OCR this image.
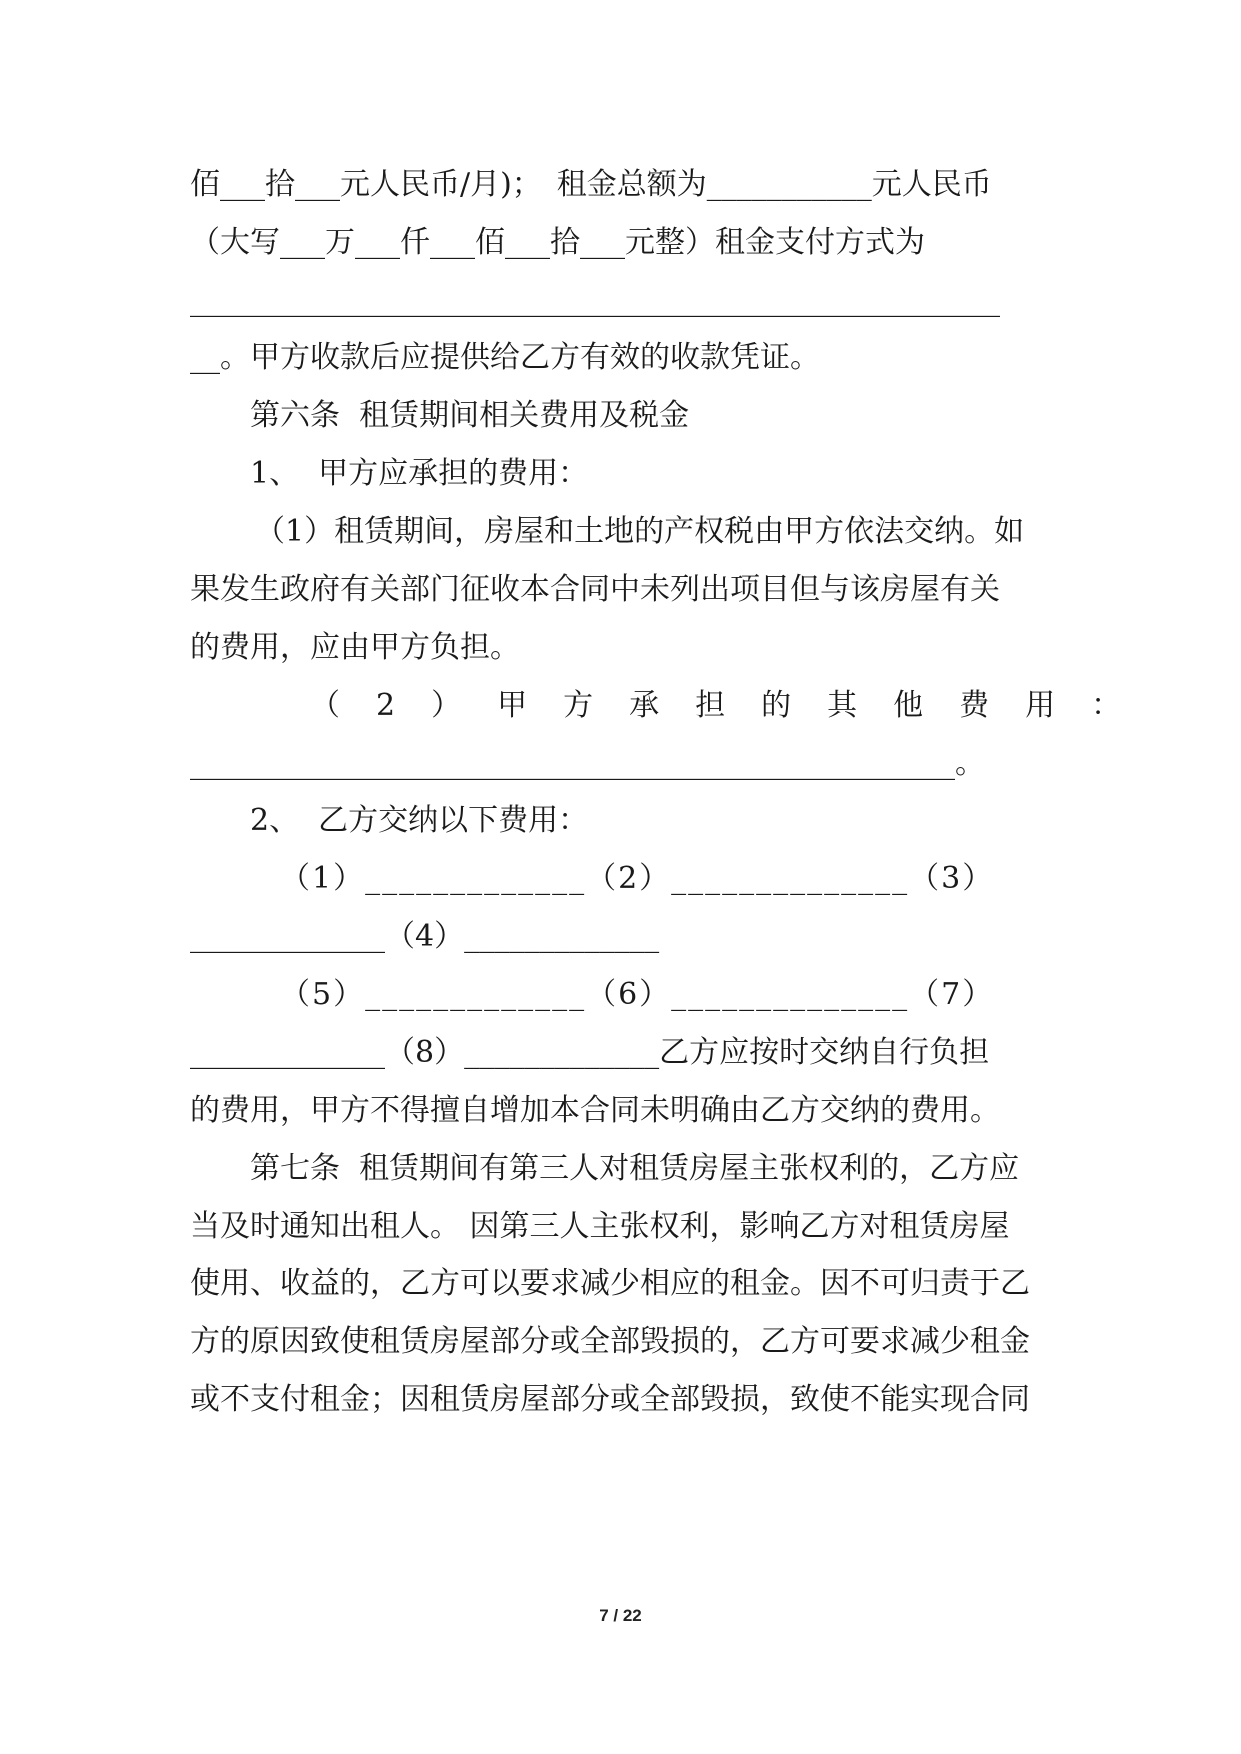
佰___拾___元人民币/月)；　租金总额为___________元人民币
（大写___万___仟___佰___拾___元整）租金支付方式为
______________________________________________________
__。甲方收款后应提供给乙方有效的收款凭证。
第六条  租赁期间相关费用及税金
1、  甲方应承担的费用：
（1）租赁期间，房屋和土地的产权税由甲方依法交纳。如
果发生政府有关部门征收本合同中未列出项目但与该房屋有关
的费用，应由甲方负担。
（2）甲方承担的其他费用：
___________________________________________________。
2、  乙方交纳以下费用：
（1）_____________（2）______________（3）
_____________（4）_____________
（5）_____________（6）______________（7）
_____________（8）_____________乙方应按时交纳自行负担
的费用，甲方不得擅自增加本合同未明确由乙方交纳的费用。
第七条  租赁期间有第三人对租赁房屋主张权利的，乙方应
当及时通知出租人。 因第三人主张权利，影响乙方对租赁房屋
使用、收益的，乙方可以要求减少相应的租金。因不可归责于乙
方的原因致使租赁房屋部分或全部毁损的，乙方可要求减少租金
或不支付租金；因租赁房屋部分或全部毁损，致使不能实现合同
7 / 22
